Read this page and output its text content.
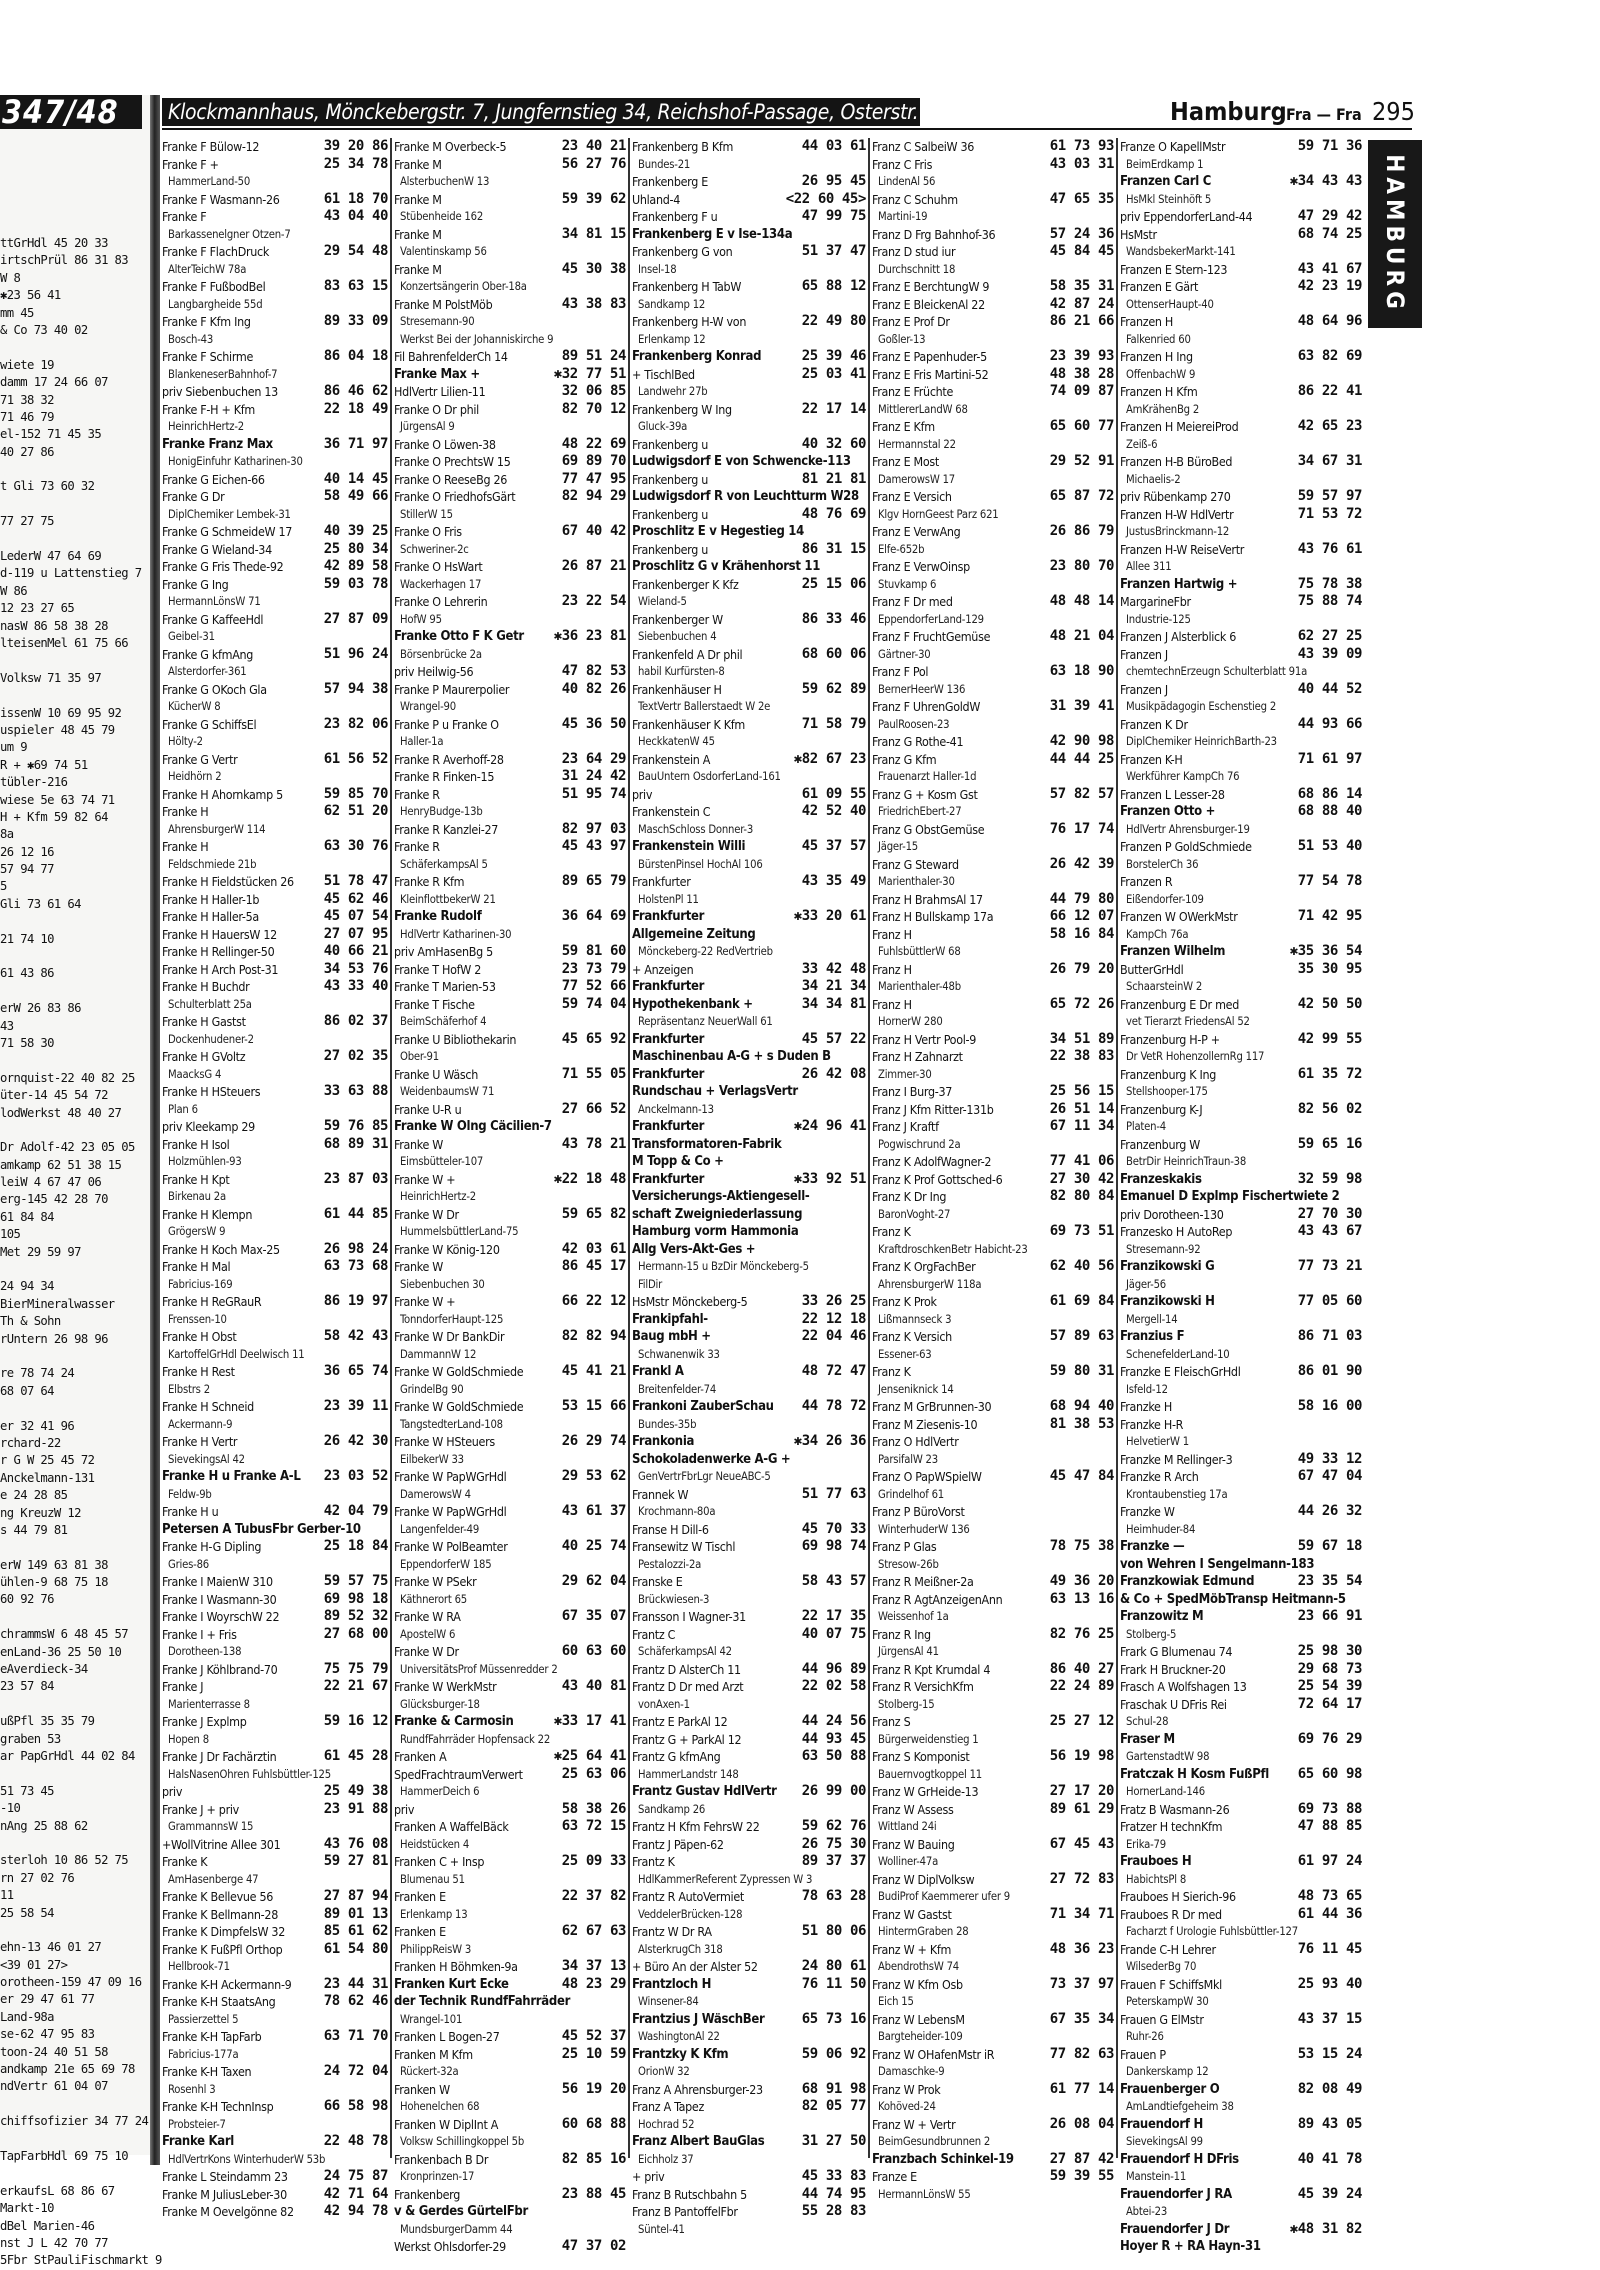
ttGrHdl 45 20 33
irtschPrül 86 31 83
W 8
✱23 56 41
mm 45
& Co 73 40 02
wiete 19
damm 17 24 66 07
71 38 32
71 46 79
el-152 71 45 35
40 27 86
t Gli 73 60 32
77 27 75
LederW 47 64 69
d-119 u Lattenstieg 7
W 86
12 23 27 65
nasW 86 58 38 28
lteisenMel 61 75 66
Volksw 71 35 97
issenW 10 69 95 92
uspieler 48 45 79
um 9
R + ✱69 74 51
tübler-216
wiese 5e 63 74 71
H + Kfm 59 82 64
8a
26 12 16
57 94 77
5
Gli 73 61 64
21 74 10
61 43 86
erW 26 83 86
43
71 58 30
ornquist-22 40 82 25
üter-14 45 54 72
lodWerkst 48 40 27
Dr Adolf-42 23 05 05
amkamp 62 51 38 15
leiW 4 67 47 06
erg-145 42 28 70
61 84 84
105
Met 29 59 97
24 94 34
BierMineralwasser
Th & Sohn
rUntern 26 98 96
re 78 74 24
68 07 64
er 32 41 96
rchard-22
r G W 25 45 72
Anckelmann-131
e 24 28 85
ng KreuzW 12
s 44 79 81
erW 149 63 81 38
ühlen-9 68 75 18
60 92 76
chrammsW 6 48 45 57
enLand-36 25 50 10
eAverdieck-34
23 57 84
ußPfl 35 35 79
graben 53
ar PapGrHdl 44 02 84
51 73 45
-10
nAng 25 88 62
sterloh 10 86 52 75
rn 27 02 76
11
25 58 54
ehn-13 46 01 27
<39 01 27>
orotheen-159 47 09 16
er 29 47 61 77
Land-98a
se-62 47 95 83
toon-24 40 51 58
andkamp 21e 65 69 78
ndVertr 61 04 07
chiffsofizier 34 77 24
TapFarbHdl 69 75 10
erkaufsL 68 86 67
Markt-10
dBel Marien-46
nst J L 42 70 77
5Fbr StPauliFischmarkt 9
347/48	Klockmannhaus, Mönckebergstr. 7, Jungfernstieg 34, Reichshof-Passage, Osterstr. 147	Hamburg Fra — Fra 295
HAMBURG
Franke F Bülow-12	39 20 86
Franke F +	25 34 78
HammerLand-50
Franke F Wasmann-26	61 18 70
Franke F	43 04 40
Barkassenelgner Otzen-7
Franke F FlachDruck	29 54 48
AlterTeichW 78a
Franke F FußbodBel	83 63 15
Langbargheide 55d
Franke F Kfm Ing	89 33 09
Bosch-43
Franke F Schirme	86 04 18
BlankeneserBahnhof-7
priv Siebenbuchen 13	86 46 62
Franke F-H + Kfm	22 18 49
HeinrichHertz-2
Franke Franz Max	36 71 97
HonigEinfuhr Katharinen-30
Franke G Eichen-66	40 14 45
Franke G Dr	58 49 66
DiplChemiker Lembek-31
Franke G SchmeideW 17 40 39 25
Franke G Wieland-34	25 80 34
Franke G Fris Thede-92	42 89 58
Franke G Ing	59 03 78
HermannLönsW 71
Franke G KaffeeHdl	27 87 09
Geibel-31
Franke G kfmAng	51 96 24
Alsterdorfer-361
Franke G OKoch Gla	57 94 38
KücherW 8
Franke G SchiffsEl	23 82 06
Hölty-2
Franke G Vertr	61 56 52
Heidhörn 2
Franke H Ahornkamp 5	59 85 70
Franke H	62 51 20
AhrensburgerW 114
Franke H	63 30 76
Feldschmiede 21b
Franke H Fieldstücken 26 51 78 47
Franke H Haller-1b	45 62 46
Franke H Haller-5a	45 07 54
Franke H HauersW 12	27 07 95
Franke H Rellinger-50	40 66 21
Franke H Arch Post-31	34 53 76
Franke H Buchdr	43 33 40
Schulterblatt 25a
Franke H Gastst	86 02 37
Dockenhudener-2
Franke H GVoltz	27 02 35
MaacksG 4
Franke H HSteuers	33 63 88
Plan 6
priv Kleekamp 29	59 76 85
Franke H Isol	68 89 31
Holzmühlen-93
Franke H Kpt	23 87 03
Birkenau 2a
Franke H Klempn	61 44 85
GrögersW 9
Franke H Koch Max-25	26 98 24
Franke H Mal	63 73 68
Fabricius-169
Franke H ReGRauR	86 19 97
Frenssen-10
Franke H Obst	58 42 43
KartoffelGrHdl Deelwisch 11
Franke H Rest	36 65 74
Elbstrs 2
Franke H Schneid	23 39 11
Ackermann-9
Franke H Vertr	26 42 30
SievekingsAl 42
Franke H u Franke A-L 23 03 52
Feldw-9b
Franke H u	42 04 79
Petersen A TubusFbr Gerber-10
Franke H-G Dipling	25 18 84
Gries-86
Franke I MaienW 310	59 57 75
Franke I Wasmann-30	69 98 18
Franke I WoyrschW 22	89 52 32
Franke I + Fris	27 68 00
Dorotheen-138
Franke J Köhlbrand-70	75 75 79
Franke J	22 21 67
Marienterrasse 8
Franke J Explmp	59 16 12
Hopen 8
Franke J Dr Fachärztin	61 45 28
HalsNasenOhren Fuhlsbüttler-125
priv	25 49 38
Franke J + priv	23 91 88
GrammannsW 15
+WollVitrine Allee 301	43 76 08
Franke K	59 27 81
AmHasenberge 47
Franke K Bellevue 56	27 87 94
Franke K Bellmann-28	89 01 13
Franke K DimpfelsW 32	85 61 62
Franke K FußPfl Orthop	61 54 80
Hellbrook-71
Franke K-H Ackermann-9 23 44 31
Franke K-H StaatsAng	78 62 46
Passierzettel 5
Franke K-H TapFarb	63 71 70
Fabricius-177a
Franke K-H Taxen	24 72 04
Rosenhl 3
Franke K-H TechnInsp	66 58 98
Probsteier-7
Franke Karl	22 48 78
HdlVertrKons WinterhuderW 53b
Franke L Steindamm 23	24 75 87
Franke M JuliusLeber-30	42 71 64
Franke M Oevelgönne 82 42 94 78
Franke M Overbeck-5	23 40 21
Franke M	56 27 76
AlsterbuchenW 13
Franke M	59 39 62
Stübenheide 162
Franke M	34 81 15
Valentinskamp 56
Franke M	45 30 38
Konzertsängerin Ober-18a
Franke M PolstMöb	43 38 83
Stresemann-90
Werkst Bei der Johanniskirche 9
Fil BahrenfelderCh 14	89 51 24
Franke Max +	✱32 77 51
HdlVertr Lilien-11	32 06 85
Franke O Dr phil	82 70 12
JürgensAl 9
Franke O Löwen-38	48 22 69
Franke O PrechtsW 15	69 89 70
Franke O ReeseBg 26	77 47 95
Franke O FriedhofsGärt	82 94 29
StillerW 15
Franke O Fris	67 40 42
Schweriner-2c
Franke O HsWart	26 87 21
Wackerhagen 17
Franke O Lehrerin	23 22 54
HofW 95
Franke Otto F K Getr ✱36 23 81
Börsenbrücke 2a
priv Heilwig-56	47 82 53
Franke P Maurerpolier	40 82 26
Wrangel-90
Franke P u Franke O	45 36 50
Haller-1a
Franke R Averhoff-28	23 64 29
Franke R Finken-15	31 24 42
Franke R	51 95 74
HenryBudge-13b
Franke R Kanzlei-27	82 97 03
Franke R	45 43 97
SchäferkampsAl 5
Franke R Kfm	89 65 79
KleinflottbekerW 21
Franke Rudolf	36 64 69
HdlVertr Katharinen-30
priv AmHasenBg 5	59 81 60
Franke T HofW 2	23 73 79
Franke T Marien-53	77 52 66
Franke T Fische	59 74 04
BeimSchäferhof 4
Franke U Bibliothekarin	45 65 92
Ober-91
Franke U Wäsch	71 55 05
WeidenbaumsW 71
Franke U-R u	27 66 52
Franke W Olng Cäcilien-7
Franke W	43 78 21
Eimsbütteler-107
Franke W +	✱22 18 48
HeinrichHertz-2
Franke W Dr	59 65 82
HummelsbüttlerLand-75
Franke W König-120	42 03 61
Franke W	86 45 17
Siebenbuchen 30
Franke W +	66 22 12
TonndorferHaupt-125
Franke W Dr BankDir	82 82 94
DammannW 12
Franke W GoldSchmiede	45 41 21
GrindelBg 90
Franke W GoldSchmiede	53 15 66
TangstedterLand-108
Franke W HSteuers	26 29 74
EilbekerW 33
Franke W PapWGrHdl	29 53 62
DamerowsW 4
Franke W PapWGrHdl	43 61 37
Langenfelder-49
Franke W PolBeamter	40 25 74
EppendorferW 185
Franke W PSekr	29 62 04
Käthnerort 65
Franke W RA	67 35 07
ApostelW 6
Franke W Dr	60 63 60
UniversitätsProf Müssenredder 2
Franke W WerkMstr	43 40 81
Glücksburger-18
Franke & Carmosin	✱33 17 41
RundfFahrräder Hopfensack 22
Franken A	✱25 64 41
SpedFrachtraumVerwert	25 63 06
HammerDeich 6
priv	58 38 26
Franken A WaffelBäck	63 72 15
Heidstücken 4
Franken C + Insp	25 09 33
Blumenau 51
Franken E	22 37 82
Erlenkamp 13
Franken E	62 67 63
PhilippReisW 3
Franken H Böhmken-9a	34 37 13
Franken Kurt Ecke	48 23 29
der Technik RundfFahrräder
Wrangel-101
Franken L Bogen-27	45 52 37
Franken M Kfm	25 10 59
Rückert-32a
Franken W	56 19 20
Hohenelchen 68
Franken W DiplInt A	60 68 88
Volksw Schillingkoppel 5b
Frankenbach B Dr	82 85 16
Kronprinzen-17
Frankenberg	23 88 45
v & Gerdes GürtelFbr
MundsburgerDamm 44
Werkst Ohlsdorfer-29	47 37 02
Frankenberg B Kfm	44 03 61
Bundes-21
Frankenberg E	26 95 45
Uhland-4	<22 60 45>
Frankenberg F u	47 99 75
Frankenberg E v Ise-134a
Frankenberg G von	51 37 47
Insel-18
Frankenberg H TabW	65 88 12
Sandkamp 12
Frankenberg H-W von	22 49 80
Erlenkamp 12
Frankenberg Konrad	25 39 46
+ TischlBed	25 03 41
Landwehr 27b
Frankenberg W Ing	22 17 14
Gluck-39a
Frankenberg u	40 32 60
Ludwigsdorf E von Schwencke-113
Frankenberg u	81 21 81
Ludwigsdorf R von Leuchtturm W28
Frankenberg u	48 76 69
Proschlitz E v Hegestieg 14
Frankenberg u	86 31 15
Proschlitz G v Krähenhorst 11
Frankenberger K Kfz	25 15 06
Wieland-5
Frankenberger W	86 33 46
Siebenbuchen 4
Frankenfeld A Dr phil	68 60 06
habil Kurfürsten-8
Frankenhäuser H	59 62 89
TextVertr Ballerstaedt W 2e
Frankenhäuser K Kfm	71 58 79
HeckkatenW 45
Frankenstein A	✱82 67 23
BauUntern OsdorferLand-161
priv	61 09 55
Frankenstein C	42 52 40
MaschSchloss Donner-3
Frankenstein Willi	45 37 57
BürstenPinsel HochAl 106
Frankfurter	43 35 49
HolstenPl 11
Frankfurter	✱33 20 61
Allgemeine Zeitung
Mönckeberg-22 RedVertrieb
+ Anzeigen	33 42 48
Frankfurter	34 21 34
Hypothekenbank +	34 34 81
Repräsentanz NeuerWall 61
Frankfurter	45 57 22
Maschinenbau A-G + s Duden B
Frankfurter	26 42 08
Rundschau + VerlagsVertr
Anckelmann-13
Frankfurter	✱24 96 41
Transformatoren-Fabrik
M Topp & Co +
Frankfurter	✱33 92 51
Versicherungs-Aktiengesell-
schaft Zweigniederlassung
Hamburg vorm Hammonia
Allg Vers-Akt-Ges +
Hermann-15 u BzDir Mönckeberg-5
FilDir
HsMstr Mönckeberg-5	33 26 25
Frankipfahl-	22 12 18
Baug mbH +	22 04 46
Schwanenwik 33
Frankl A	48 72 47
Breitenfelder-74
Frankoni ZauberSchau 44 78 72
Bundes-35b
Frankonia	✱34 26 36
Schokoladenwerke A-G +
GenVertrFbrLgr NeueABC-5
Frannek W	51 77 63
Krochmann-80a
Franse H Dill-6	45 70 33
Fransewitz W Tischl	69 98 74
Pestalozzi-2a
Franske E	58 43 57
Brückwiesen-3
Fransson I Wagner-31	22 17 35
Frantz C	40 07 75
SchäferkampsAl 42
Frantz D AlsterCh 11	44 96 89
Frantz D Dr med Arzt	22 02 58
vonAxen-1
Frantz E ParkAl 12	44 24 56
Frantz G + ParkAl 12	44 93 45
Frantz G kfmAng	63 50 88
HammerLandstr 148
Frantz Gustav HdlVertr 26 99 00
Sandkamp 26
Frantz H Kfm FehrsW 22	59 62 76
Frantz J Päpen-62	26 75 30
Frantz K	89 37 37
HdlKammerReferent Zypressen W 3
Frantz R AutoVermiet	78 63 28
VeddelerBrücken-128
Frantz W Dr RA	51 80 06
AlsterkrugCh 318
+ Büro An der Alster 52	24 80 61
Frantzloch H	76 11 50
Winsener-84
Frantzius J WäschBer	65 73 16
WashingtonAl 22
Frantzky K Kfm	59 06 92
OrionW 32
Franz A Ahrensburger-23	68 91 98
Franz A Tapez	82 05 77
Hochrad 52
Franz Albert BauGlas	31 27 50
Eichholz 37
+ priv	45 33 83
Franz B Rutschbahn 5	44 74 95
Franz B PantoffelFbr	55 28 83
Süntel-41
Franz C SalbeiW 36	61 73 93
Franz C Fris	43 03 31
LindenAl 56
Franz C Schuhm	47 65 35
Martini-19
Franz D Frg Bahnhof-36	57 24 36
Franz D stud iur	45 84 45
Durchschnitt 18
Franz E BerchtungW 9	58 35 31
Franz E BleickenAl 22	42 87 24
Franz E Prof Dr	86 21 66
Goßler-13
Franz E Papenhuder-5	23 39 93
Franz E Fris Martini-52	48 38 28
Franz E Früchte	74 09 87
MittlererLandW 68
Franz E Kfm	65 60 77
Hermannstal 22
Franz E Most	29 52 91
DamerowsW 17
Franz E Versich	65 87 72
Klgv HornGeest Parz 621
Franz E VerwAng	26 86 79
Elfe-652b
Franz E VerwOinsp	23 80 70
Stuvkamp 6
Franz F Dr med	48 48 14
EppendorferLand-129
Franz F FruchtGemüse	48 21 04
Gärtner-30
Franz F Pol	63 18 90
BernerHeerW 136
Franz F UhrenGoldW	31 39 41
PaulRoosen-23
Franz G Rothe-41	42 90 98
Franz G Kfm	44 44 25
Frauenarzt Haller-1d
Franz G + Kosm Gst	57 82 57
FriedrichEbert-27
Franz G ObstGemüse	76 17 74
Jäger-15
Franz G Steward	26 42 39
Marienthaler-30
Franz H BrahmsAl 17	44 79 80
Franz H Bullskamp 17a	66 12 07
Franz H	58 16 84
FuhlsbüttlerW 68
Franz H	26 79 20
Marienthaler-48b
Franz H	65 72 26
HornerW 280
Franz H Vertr Pool-9	34 51 89
Franz H Zahnarzt	22 38 83
Zimmer-30
Franz I Burg-37	25 56 15
Franz J Kfm Ritter-131b	26 51 14
Franz J Kraftf	67 11 34
Pogwischrund 2a
Franz K AdolfWagner-2	77 41 06
Franz K Prof Gottsched-6	27 30 42
Franz K Dr Ing	82 80 84
BaronVoght-27
Franz K	69 73 51
KraftdroschkenBetr Habicht-23
Franz K OrgFachBer	62 40 56
AhrensburgerW 118a
Franz K Prok	61 69 84
Lißmannseck 3
Franz K Versich	57 89 63
Essener-63
Franz K	59 80 31
Jenseniknick 14
Franz M GrBrunnen-30	68 94 40
Franz M Ziesenis-10	81 38 53
Franz O HdlVertr
ParsifalW 23
Franz O PapWSpielW	45 47 84
Grindelhof 61
Franz P BüroVorst
WinterhuderW 136
Franz P Glas	78 75 38
Stresow-26b
Franz R Meißner-2a	49 36 20
Franz R AgtAnzeigenAnn	63 13 16
Weissenhof 1a
Franz R Ing	82 76 25
JürgensAl 41
Franz R Kpt Krumdal 4	86 40 27
Franz R VersichKfm	22 24 89
Stolberg-15
Franz S	25 27 12
Bürgerweidenstieg 1
Franz S Komponist	56 19 98
Bauernvogtkoppel 11
Franz W GrHeide-13	27 17 20
Franz W Assess	89 61 29
Wittland 24i
Franz W Bauing	67 45 43
Wolliner-47a
Franz W DiplVolksw	27 72 83
BudiProf Kaemmerer ufer 9
Franz W Gastst	71 34 71
HintermGraben 28
Franz W + Kfm	48 36 23
AbendrothsW 74
Franz W Kfm Osb	73 37 97
Eich 15
Franz W LebensM	67 35 34
Bargteheider-109
Franz W OHafenMstr iR	77 82 63
Damaschke-9
Franz W Prok	61 77 14
Kohöved-24
Franz W + Vertr	26 08 04
BeimGesundbrunnen 2
Franzbach Schinkel-19	27 87 42
Franze E	59 39 55
HermannLönsW 55
Franze O KapellMstr	59 71 36
BeimErdkamp 1
Franzen Carl C	✱34 43 43
HsMkl Steinhöft 5
priv EppendorferLand-44	47 29 42
HsMstr	68 74 25
WandsbekerMarkt-141
Franzen E Stern-123	43 41 67
Franzen E Gärt	42 23 19
OttenserHaupt-40
Franzen H	48 64 96
Falkenried 60
Franzen H Ing	63 82 69
OffenbachW 9
Franzen H Kfm	86 22 41
AmKrähenBg 2
Franzen H MeiereiProd	42 65 23
Zeiß-6
Franzen H-B BüroBed	34 67 31
Michaelis-2
priv Rübenkamp 270	59 57 97
Franzen H-W HdlVertr	71 53 72
JustusBrinckmann-12
Franzen H-W ReiseVertr	43 76 61
Allee 311
Franzen Hartwig +	75 78 38
MargarineFbr	75 88 74
Industrie-125
Franzen J Alsterblick 6	62 27 25
Franzen J	43 39 09
chemtechnErzeugn Schulterblatt 91a
Franzen J	40 44 52
Musikpädagogin Eschenstieg 2
Franzen K Dr	44 93 66
DiplChemiker HeinrichBarth-23
Franzen K-H	71 61 97
Werkführer KampCh 76
Franzen L Lesser-28	68 86 14
Franzen Otto +	68 88 40
HdlVertr Ahrensburger-19
Franzen P GoldSchmiede	51 53 40
BorstelerCh 36
Franzen R	77 54 78
Eißendorfer-109
Franzen W OWerkMstr	71 42 95
KampCh 76a
Franzen Wilhelm	✱35 36 54
ButterGrHdl	35 30 95
SchaarsteinW 2
Franzenburg E Dr med	42 50 50
vet Tierarzt FriedensAl 52
Franzenburg H-P +	42 99 55
Dr VetR HohenzollernRg 117
Franzenburg K Ing	61 35 72
Stellshooper-175
Franzenburg K-J	82 56 02
Platen-4
Franzenburg W	59 65 16
BetrDir HeinrichTraun-38
Franzeskakis	32 59 98
Emanuel D Explmp Fischertwiete 2
priv Dorotheen-130	27 70 30
Franzesko H AutoRep	43 43 67
Stresemann-92
Franzikowski G	77 73 21
Jäger-56
Franzikowski H	77 05 60
Mergell-14
Franzius F	86 71 03
SchenefelderLand-10
Franzke E FleischGrHdl	86 01 90
Isfeld-12
Franzke H	58 16 00
Franzke H-R
HelvetierW 1
Franzke M Rellinger-3	49 33 12
Franzke R Arch	67 47 04
Krontaubenstieg 17a
Franzke W	44 26 32
Heimhuder-84
Franzke —	59 67 18
von Wehren I Sengelmann-183
Franzkowiak Edmund	23 35 54
& Co + SpedMöbTransp Heitmann-5
Franzowitz M	23 66 91
Stolberg-5
Frark G Blumenau 74	25 98 30
Frark H Bruckner-20	29 68 73
Frasch A Wolfshagen 13	25 54 39
Fraschak U DFris Rei	72 64 17
Schul-28
Fraser M	69 76 29
GartenstadtW 98
Fratczak H Kosm FußPfl 65 60 98
HornerLand-146
Fratz B Wasmann-26	69 73 88
Fratzer H technKfm	47 88 85
Erika-79
Frauboes H	61 97 24
HabichtsPl 8
Frauboes H Sierich-96	48 73 65
Frauboes R Dr med	61 44 36
Facharzt f Urologie Fuhlsbüttler-127
Frande C-H Lehrer	76 11 45
WilsederBg 70
Frauen F SchiffsMkl	25 93 40
PeterskampW 30
Frauen G ElMstr	43 37 15
Ruhr-26
Frauen P	53 15 24
Dankerskamp 12
Frauenberger O	82 08 49
AmLandtiefgeheim 38
Frauendorf H	89 43 05
SievekingsAl 99
Frauendorf H DFris	40 41 78
Manstein-11
Frauendorfer J RA	45 39 24
Abtei-23
Frauendorfer J Dr	✱48 31 82
Hoyer R + RA Hayn-31
